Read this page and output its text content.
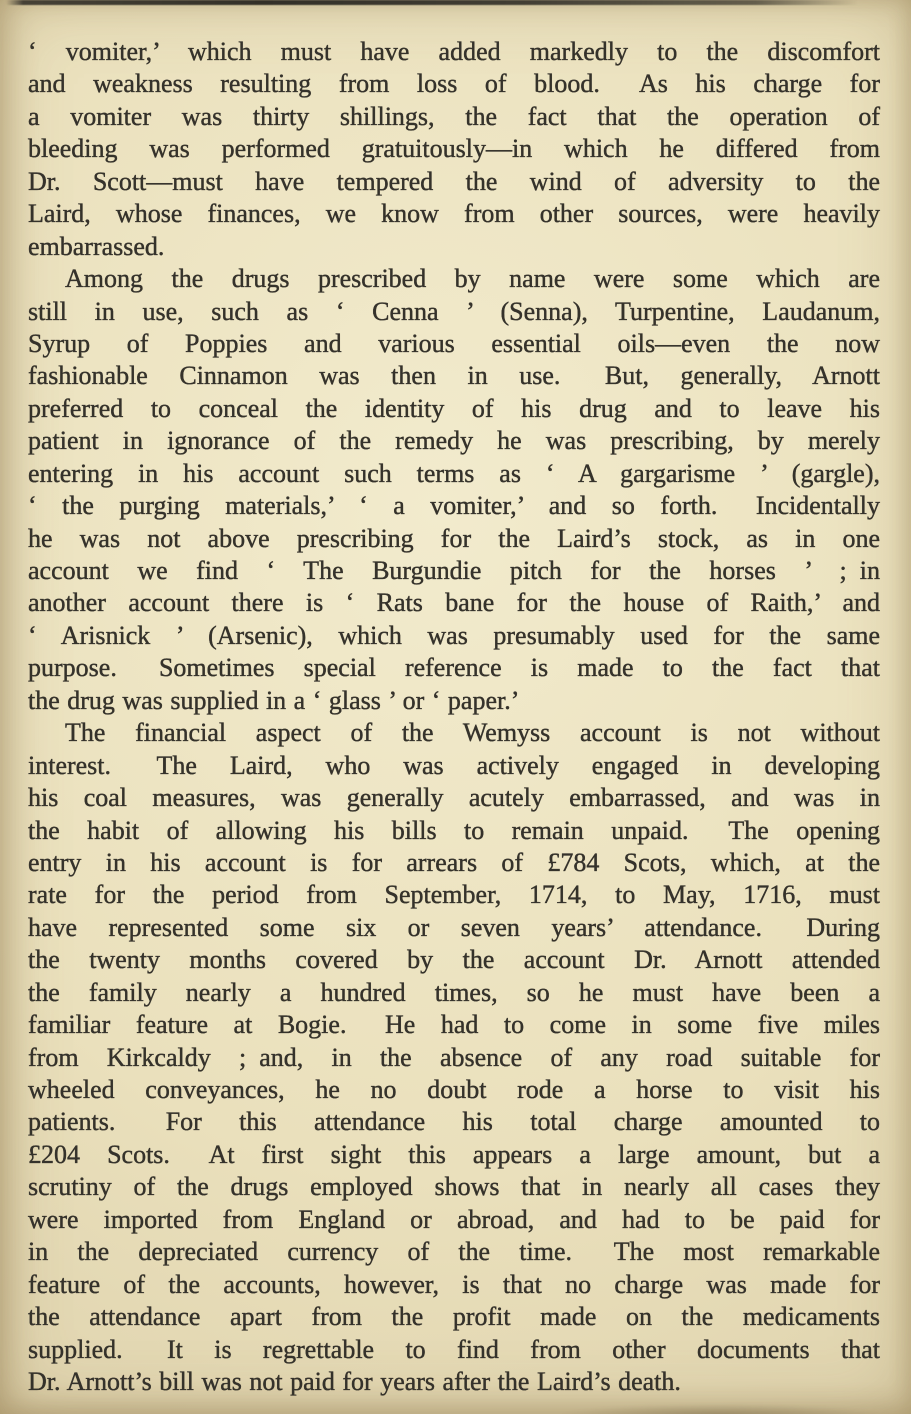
‘ vomiter,’ which must have added markedly to the discomfort
and weakness resulting from loss of blood.  As his charge for
a vomiter was thirty shillings, the fact that the operation of
bleeding was performed gratuitously—in which he differed from
Dr. Scott—must have tempered the wind of adversity to the
Laird, whose finances, we know from other sources, were heavily
embarrassed.
Among the drugs prescribed by name were some which are
still in use, such as ‘ Cenna ’ (Senna), Turpentine, Laudanum,
Syrup of Poppies and various essential oils—even the now
fashionable Cinnamon was then in use.  But, generally, Arnott
preferred to conceal the identity of his drug and to leave his
patient in ignorance of the remedy he was prescribing, by merely
entering in his account such terms as ‘ A gargarisme ’ (gargle),
‘ the purging materials,’ ‘ a vomiter,’ and so forth.  Incidentally
he was not above prescribing for the Laird’s stock, as in one
account we find ‘ The Burgundie pitch for the horses ’ ; in
another account there is ‘ Rats bane for the house of Raith,’ and
‘ Arisnick ’ (Arsenic), which was presumably used for the same
purpose.  Sometimes special reference is made to the fact that
the drug was supplied in a ‘ glass ’ or ‘ paper.’
The financial aspect of the Wemyss account is not without
interest.  The Laird, who was actively engaged in developing
his coal measures, was generally acutely embarrassed, and was in
the habit of allowing his bills to remain unpaid.  The opening
entry in his account is for arrears of £784 Scots, which, at the
rate for the period from September, 1714, to May, 1716, must
have represented some six or seven years’ attendance.  During
the twenty months covered by the account Dr. Arnott attended
the family nearly a hundred times, so he must have been a
familiar feature at Bogie.  He had to come in some five miles
from Kirkcaldy ; and, in the absence of any road suitable for
wheeled conveyances, he no doubt rode a horse to visit his
patients.  For this attendance his total charge amounted to
£204 Scots.  At first sight this appears a large amount, but a
scrutiny of the drugs employed shows that in nearly all cases they
were imported from England or abroad, and had to be paid for
in the depreciated currency of the time.  The most remarkable
feature of the accounts, however, is that no charge was made for
the attendance apart from the profit made on the medicaments
supplied.  It is regrettable to find from other documents that
Dr. Arnott’s bill was not paid for years after the Laird’s death.
